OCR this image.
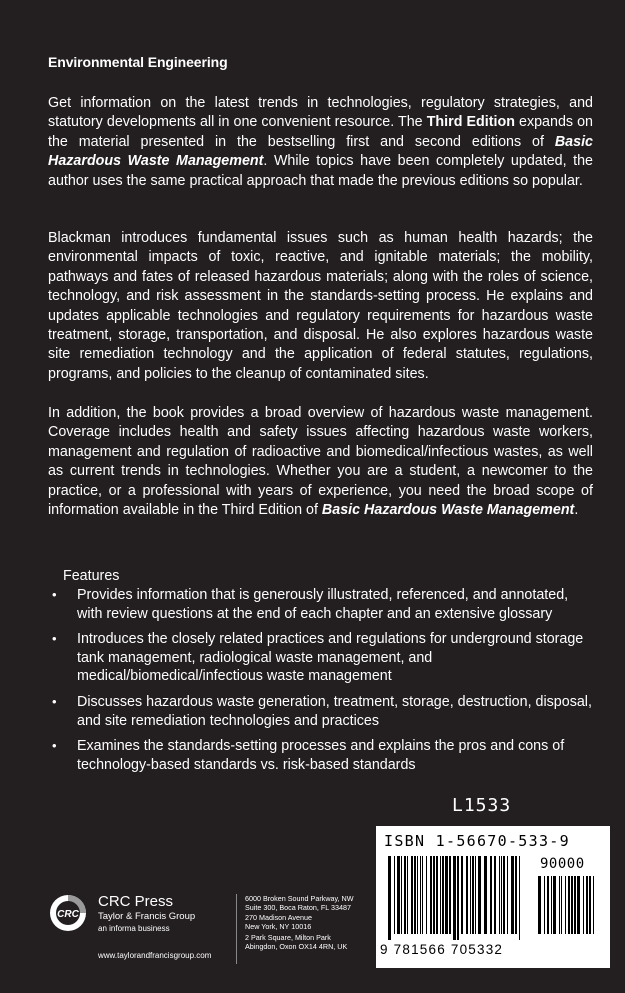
Environmental Engineering
Get information on the latest trends in technologies, regulatory strategies, and statutory developments all in one convenient resource. The Third Edition expands on the material presented in the bestselling first and second editions of Basic Hazardous Waste Management. While topics have been completely updated, the author uses the same practical approach that made the previous editions so popular.
Blackman introduces fundamental issues such as human health hazards; the environmental impacts of toxic, reactive, and ignitable materials; the mobility, pathways and fates of released hazardous materials; along with the roles of science, technology, and risk assessment in the standards-setting process. He explains and updates applicable technologies and regulatory requirements for hazardous waste treatment, storage, transportation, and disposal. He also explores hazardous waste site remediation technology and the application of federal statutes, regulations, programs, and policies to the cleanup of contaminated sites.
In addition, the book provides a broad overview of hazardous waste management. Coverage includes health and safety issues affecting hazardous waste workers, management and regulation of radioactive and biomedical/infectious wastes, as well as current trends in technologies. Whether you are a student, a newcomer to the practice, or a professional with years of experience, you need the broad scope of information available in the Third Edition of Basic Hazardous Waste Management.
Features
• Provides information that is generously illustrated, referenced, and annotated, with review questions at the end of each chapter and an extensive glossary
• Introduces the closely related practices and regulations for underground storage tank management, radiological waste management, and medical/biomedical/infectious waste management
• Discusses hazardous waste generation, treatment, storage, destruction, disposal, and site remediation technologies and practices
• Examines the standards-setting processes and explains the pros and cons of technology-based standards vs. risk-based standards
L1533
ISBN 1-56670-533-9
90000
9 781566 705332
CRC
CRC Press
Taylor & Francis Group
an informa business
www.taylorandfrancisgroup.com
6000 Broken Sound Parkway, NW
Suite 300, Boca Raton, FL 33487
270 Madison Avenue
New York, NY 10016
2 Park Square, Milton Park
Abingdon, Oxon OX14 4RN, UK
